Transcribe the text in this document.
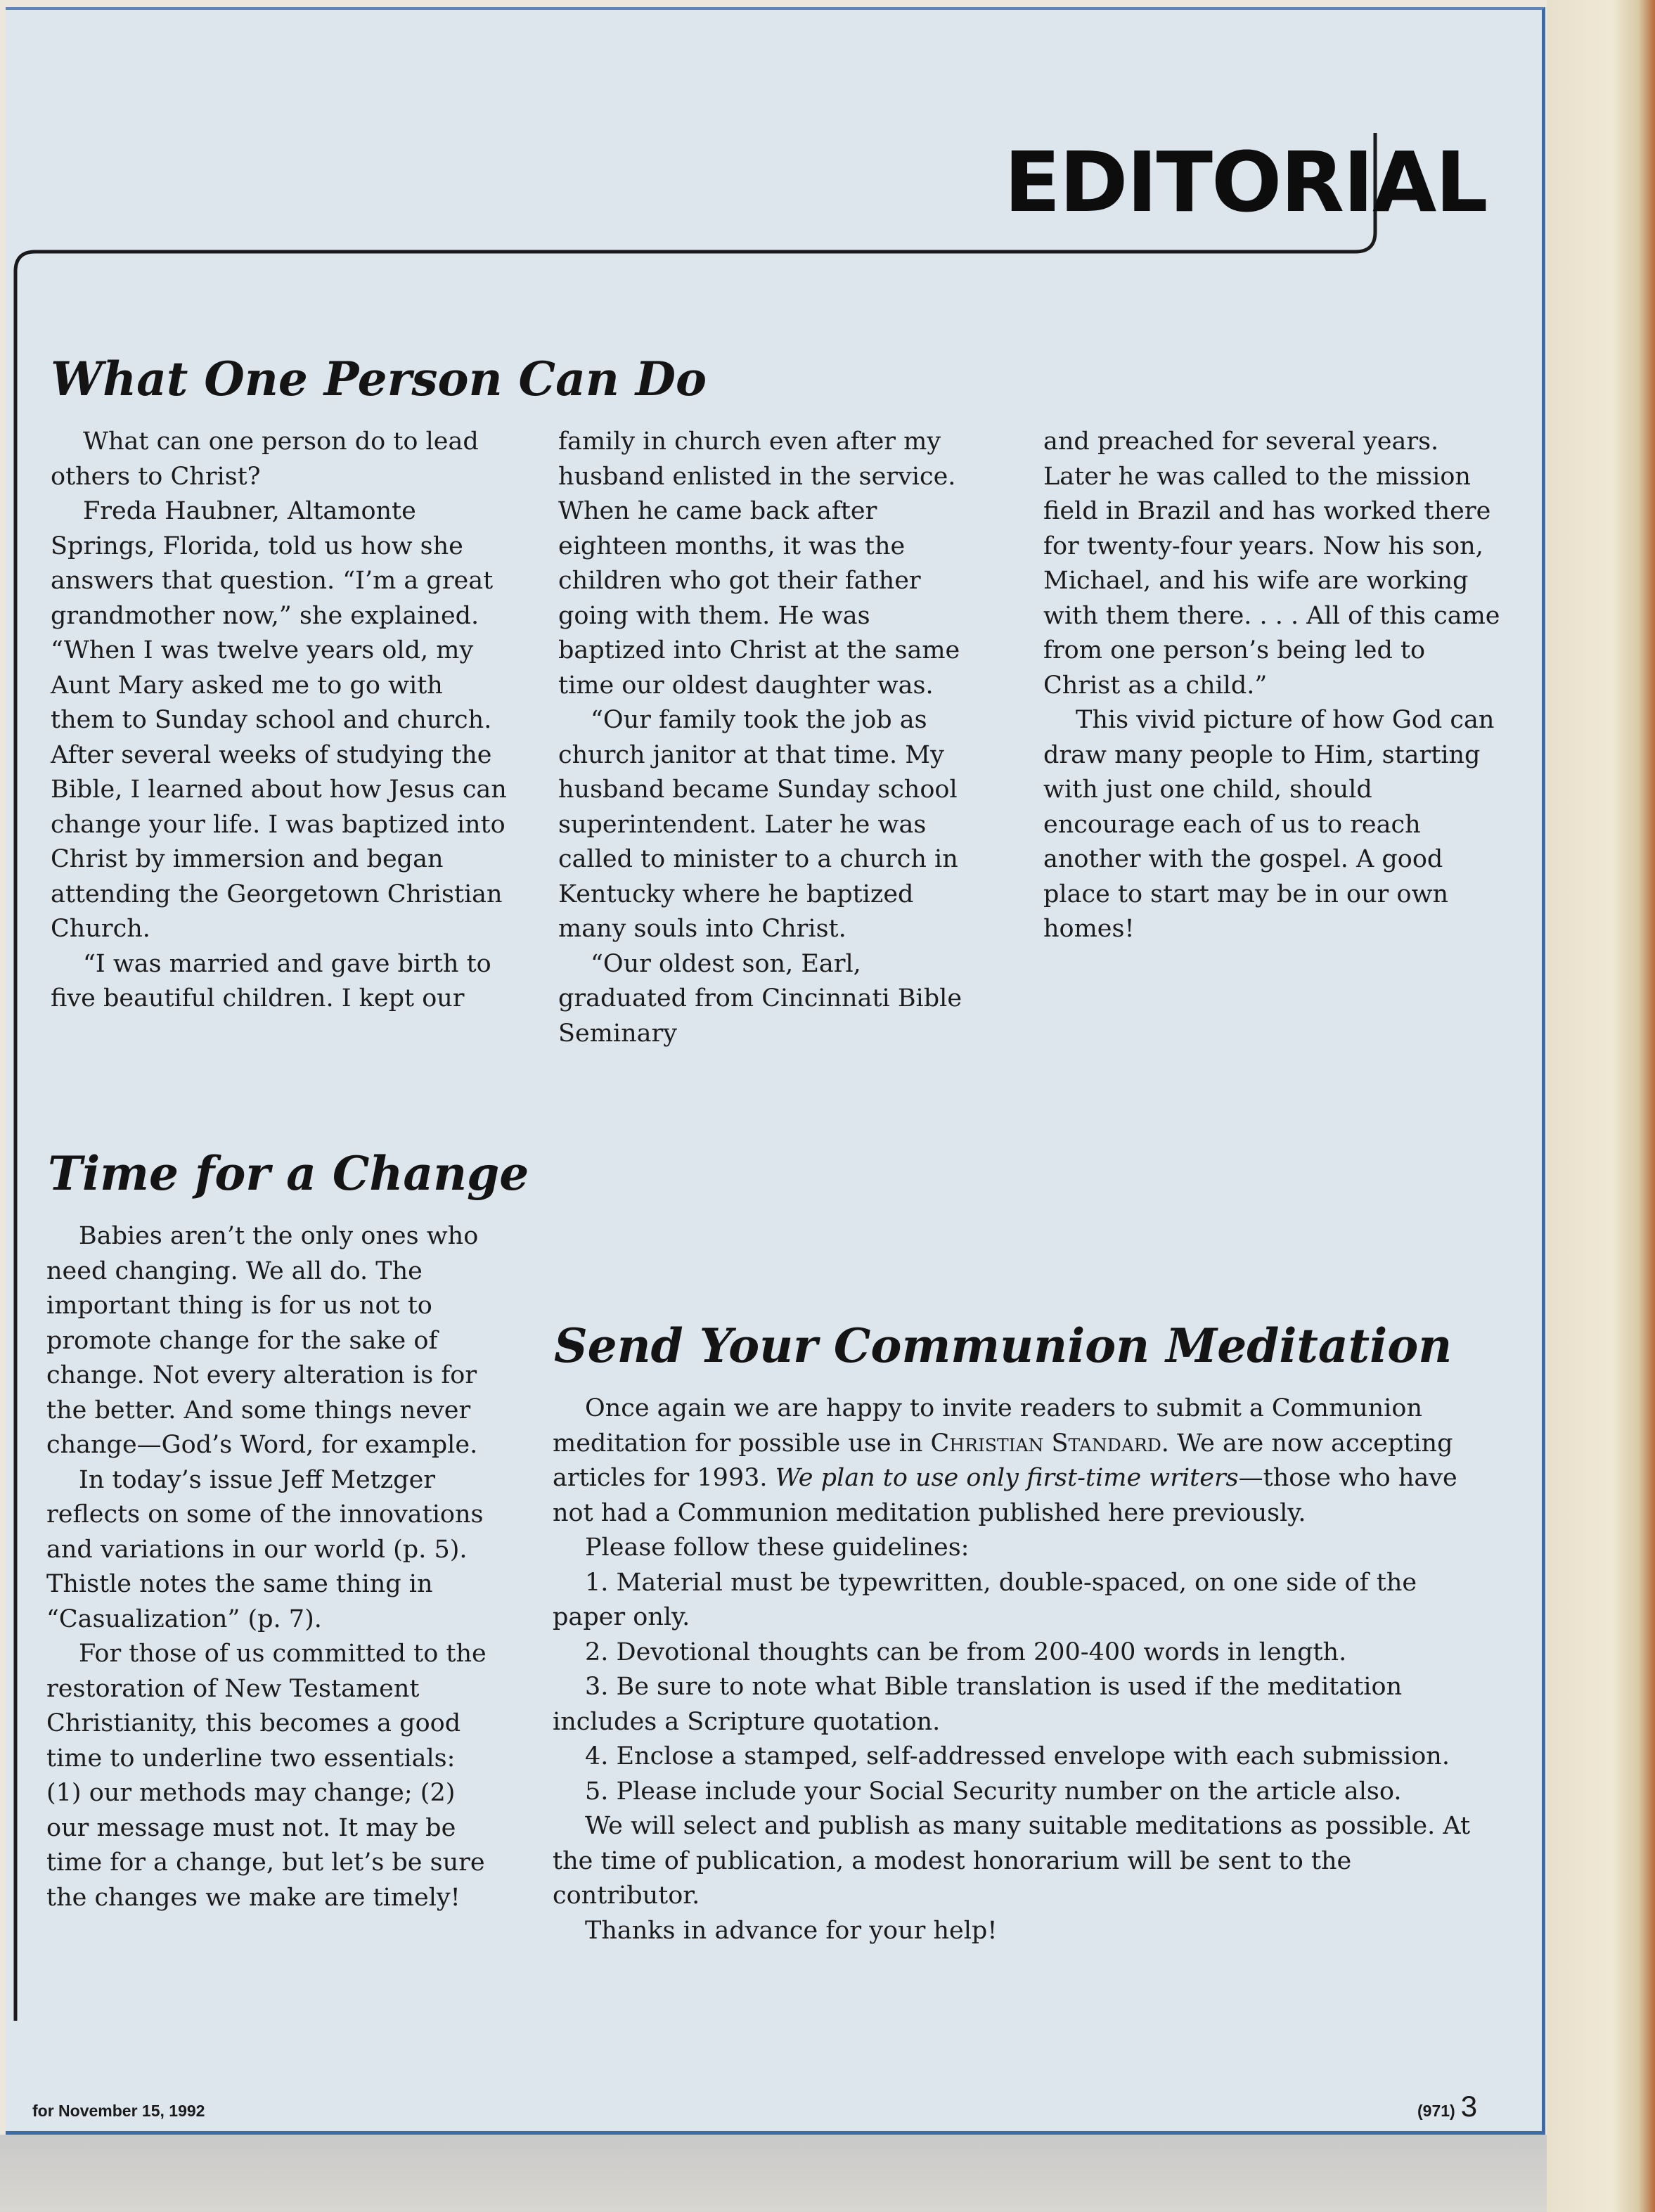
EDITORIAL
What One Person Can Do

What can one person do to lead others to Christ?

Freda Haubner, Altamonte Springs, Florida, told us how she answers that question. “I’m a great grandmother now,” she explained. “When I was twelve years old, my Aunt Mary asked me to go with them to Sunday school and church. After several weeks of studying the Bible, I learned about how Jesus can change your life. I was baptized into Christ by immersion and began attending the Georgetown Christian Church.

“I was married and gave birth to five beautiful children. I kept our

family in church even after my husband enlisted in the service. When he came back after eighteen months, it was the children who got their father going with them. He was baptized into Christ at the same time our oldest daughter was.

“Our family took the job as church janitor at that time. My husband became Sunday school superintendent. Later he was called to minister to a church in Kentucky where he baptized many souls into Christ.

“Our oldest son, Earl, graduated from Cincinnati Bible Seminary

and preached for several years. Later he was called to the mission field in Brazil and has worked there for twenty-four years. Now his son, Michael, and his wife are working with them there. . . . All of this came from one person’s being led to Christ as a child.”

This vivid picture of how God can draw many people to Him, starting with just one child, should encourage each of us to reach another with the gospel. A good place to start may be in our own homes!

Time for a Change

Babies aren’t the only ones who need changing. We all do. The important thing is for us not to promote change for the sake of change. Not every alteration is for the better. And some things never change—God’s Word, for example.

In today’s issue Jeff Metzger reflects on some of the innovations and variations in our world (p. 5). Thistle notes the same thing in “Casualization” (p. 7).

For those of us committed to the restoration of New Testament Christianity, this becomes a good time to underline two essentials: (1) our methods may change; (2) our message must not. It may be time for a change, but let’s be sure the changes we make are timely!

Send Your Communion Meditation

Once again we are happy to invite readers to submit a Communion meditation for possible use in Christian Standard. We are now accepting articles for 1993. We plan to use only first-time writers—those who have not had a Communion meditation published here previously.

Please follow these guidelines:

1. Material must be typewritten, double-spaced, on one side of the paper only.

2. Devotional thoughts can be from 200-400 words in length.

3. Be sure to note what Bible translation is used if the meditation includes a Scripture quotation.

4. Enclose a stamped, self-addressed envelope with each submission.

5. Please include your Social Security number on the article also.

We will select and publish as many suitable meditations as possible. At the time of publication, a modest honorarium will be sent to the contributor.

Thanks in advance for your help!

for November 15, 1992	(971) 3
